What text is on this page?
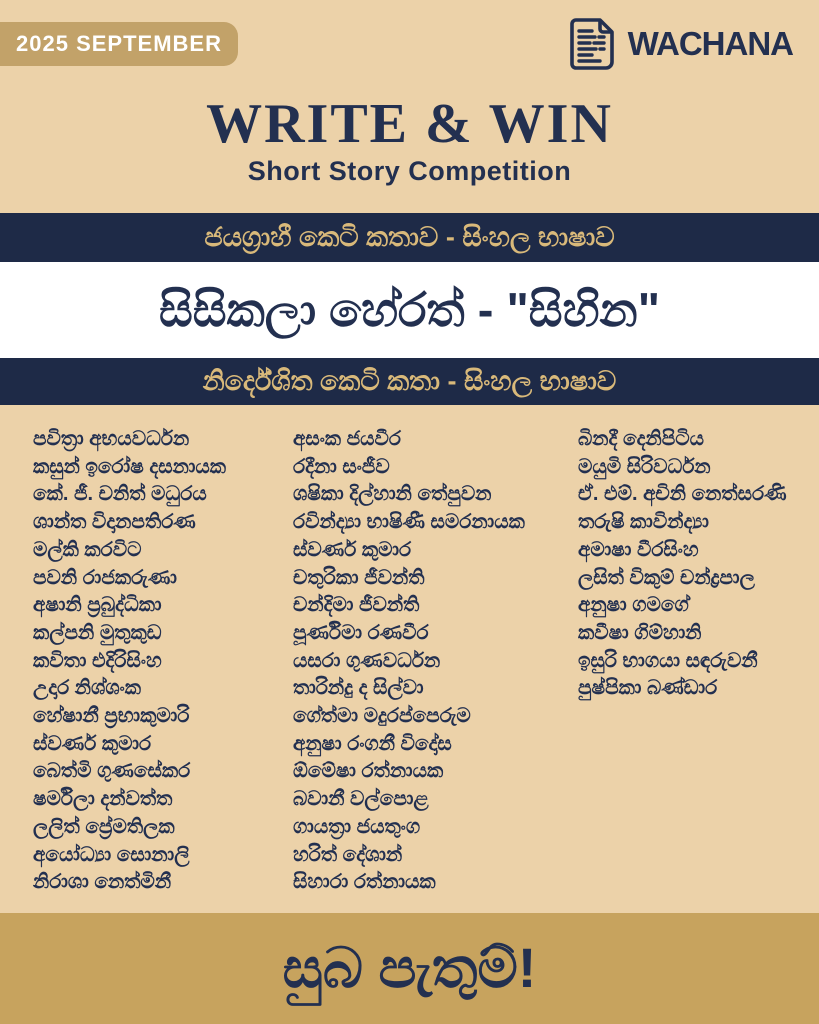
2025 SEPTEMBER	WACHANA
WRITE & WIN
Short Story Competition
ජයග්‍රාහී කෙටි කතාව - සිංහල භාෂාව
සිසිකලා හේරත් - "සිහින"
නිර්දේශිත කෙටි කතා - සිංහල භාෂාව
පවිත්‍රා අභයවර්ධන
කසුන් ඉරෝෂ දසනායක
කේ. ජී. චනිත් මධුරය
ශාන්ත විදානපතිරණ
මල්කි කරවිට
පවනි රාජකරුණා
අෂානි ප්‍රබුද්ධිකා
කල්පනි මුතුකුඩ
කවිතා එදිරිසිංහ
උදාර නිශ්ශංක
හේෂානී ප්‍රභාකුමාරි
ස්වර්ණ කුමාර
බෙත්මි ගුණසේකර
ෂර්මිලා දන්වත්ත
ලලිත් ප්‍රේමතිලක
අයෝධ්‍යා සොනාලි
නිරාශා නෙත්මිනී
අසංක ජයවීර
රදීනා සංජීව
ශෂිකා දිල්හානි තේපුවන
රවින්ද්‍යා භාෂිණී සමරනායක
ස්වර්ණ කුමාර
චතුරිකා ජීවන්ති
චන්දිමා ජීවන්ති
පූර්ණිමා රණවීර
යසරා ගුණවර්ධන
තාරින්දු ද සිල්වා
ගේත්මා මදුරප්පෙරුම
අනුෂා රංගනී විදෝස
ඕමේෂා රත්නායක
බවානී වල්පොළ
ගායත්‍රා ජයතුංග
හරිත් දේශාන්
සිහාරා රත්නායක
බිනදී දෙනිපිටිය
මයුමි සිරිවර්ධන
ඒ. එම්. අචිනි නෙත්සරණි
තරුෂි කාවින්ද්‍යා
අමාෂා වීරසිංහ
ලසිත් විකුම් චන්ද්‍රපාල
අනුෂා ගමගේ
කවීෂා ගිම්හානි
ඉසුරි භාගයා සඳරුවනී
පුෂ්පිකා බණ්ඩාර
සුබ පැතුම්!
